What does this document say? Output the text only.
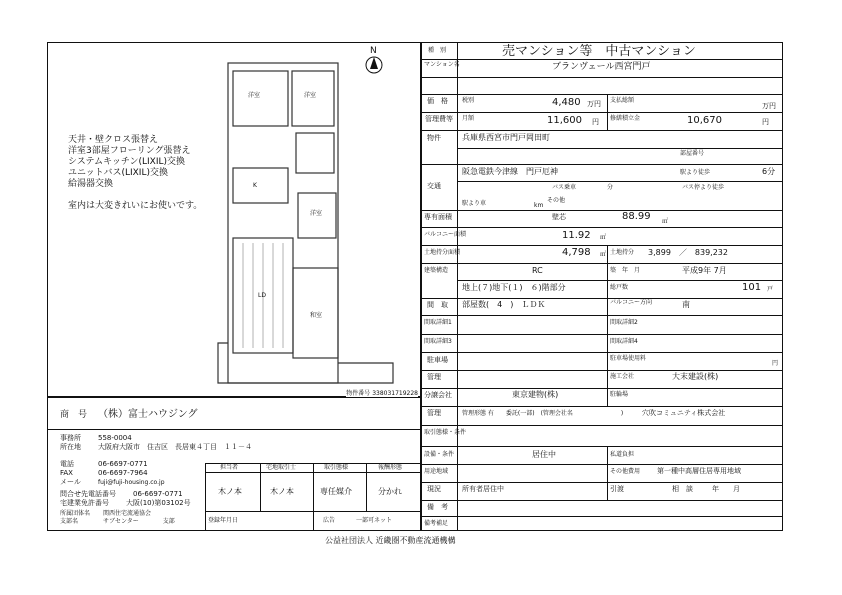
N
洋室	洋室
洋室
LD
K
和室
天井・壁クロス張替え
洋室3部屋フローリング張替え
システムキッチン(LIXIL)交換
ユニットバス(LIXIL)交換
給湯器交換
室内は大変きれいにお使いです。
物件番号 338031719228
商　号 （株）富士ハウジング
事務所 558-0004
所在地 大阪府大阪市　住吉区　長居東４丁目　１１－４
電話	06-6697-0771
FAX	06-6697-7964
メール	fuji@fuji-housing.co.jp
問合せ先電話番号 06-6697-0771
宅建業免許番号 大阪(10)第03102号
所属団体名 関西住宅流通協会
支部名	サブセンター　　　　支部
担当者	宅地取引士	取引態様	報酬形態
木ノ本	木ノ本	専任媒介	分かれ
登録年月日	広告	一部可ネット
種　別	売マンション等　中古マンション
マンション名	ブランヴェール西宮門戸
価　格 税別	4,480 万円 支払総額
万円
管理費等 月額	11,600 円 修繕積立金	10,670	円
物件	兵庫県西宮市門戸岡田町
部屋番号
交通
阪急電鉄今津線　門戸厄神	駅より徒歩	6分
バス乗車	分	バス停より徒歩
駅より車	km
その他
専有面積	壁芯	88.99 ㎡
バルコニー面積	11.92 ㎡
土地持分面積	4,798 ㎡ 土地持分 3,899　／　839,232
建築構造	RC	築　年　月	平成9年 7月
地上(７)地下(１)　６)階部分	総戸数	101 戸
間　取 部屋数(　4　)　ＬＤＫ	バルコニー方向	南
間取詳細1	間取詳細2
間取詳細3	間取詳細4
駐車場	駐車場使用料
円
管理	施工会社	大末建設(株)
分譲会社	東京建物(株)	駐輪場
管理	管理形態 有　　委託(一部)　(管理会社名　　　　　　　　)	穴吹コミュニティ株式会社
取引態様・条件
設備・条件	居住中	私道負担
用途地域	その他費用 第一種中高層住居専用地域
現況	所有者居住中	引渡	相　談	年　　月
備　考
備考補足
公益社団法人 近畿圏不動産流通機構
